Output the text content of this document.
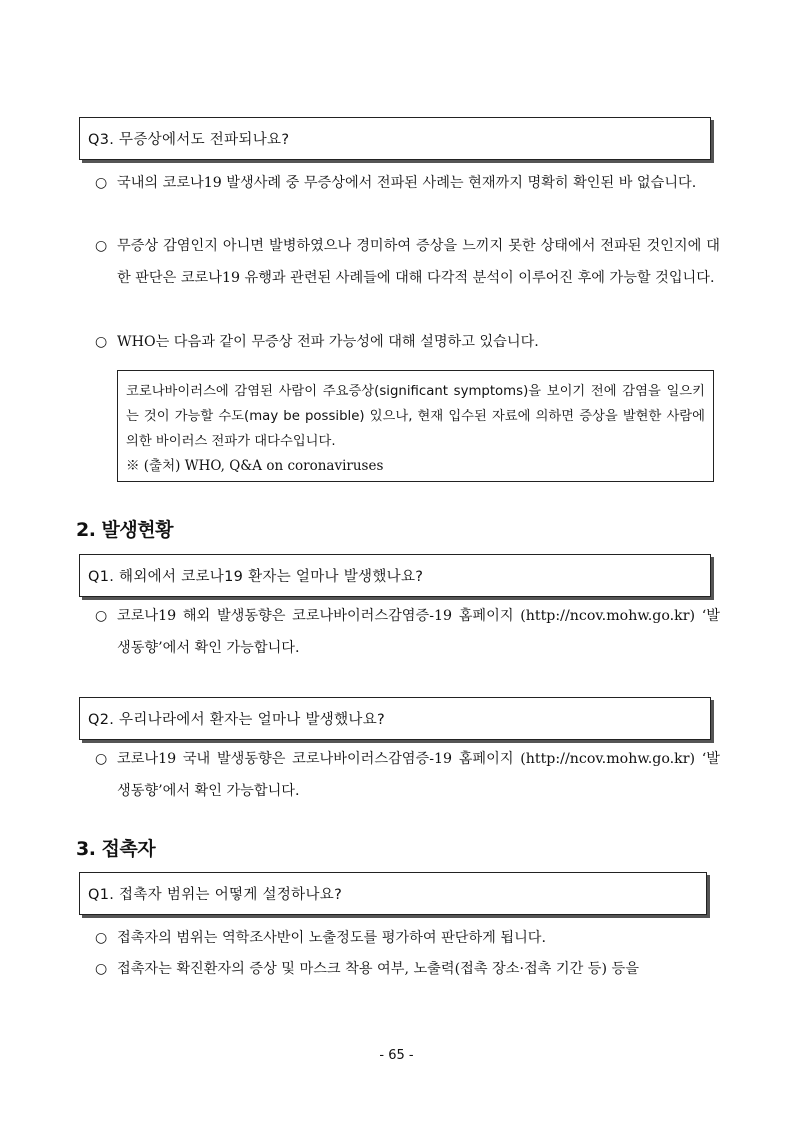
Q3. 무증상에서도 전파되나요?
○ 국내의 코로나19 발생사례 중 무증상에서 전파된 사례는 현재까지 명확히 확인된 바 없습니다.
○ 무증상 감염인지 아니면 발병하였으나 경미하여 증상을 느끼지 못한 상태에서 전파된 것인지에 대한 판단은 코로나19 유행과 관련된 사례들에 대해 다각적 분석이 이루어진 후에 가능할 것입니다.
○ WHO는 다음과 같이 무증상 전파 가능성에 대해 설명하고 있습니다.
코로나바이러스에 감염된 사람이 주요증상(significant symptoms)을 보이기 전에 감염을 일으키는 것이 가능할 수도(may be possible) 있으나, 현재 입수된 자료에 의하면 증상을 발현한 사람에 의한 바이러스 전파가 대다수입니다.
※ (출처) WHO, Q&A on coronaviruses
2. 발생현황
Q1. 해외에서 코로나19 환자는 얼마나 발생했나요?
○ 코로나19 해외 발생동향은 코로나바이러스감염증-19 홈페이지 (http://ncov.mohw.go.kr) ‘발생동향’에서 확인 가능합니다.
Q2. 우리나라에서 환자는 얼마나 발생했나요?
○ 코로나19 국내 발생동향은 코로나바이러스감염증-19 홈페이지 (http://ncov.mohw.go.kr) ‘발생동향’에서 확인 가능합니다.
3. 접촉자
Q1. 접촉자 범위는 어떻게 설정하나요?
○ 접촉자의 범위는 역학조사반이 노출정도를 평가하여 판단하게 됩니다.
○ 접촉자는 확진환자의 증상 및 마스크 착용 여부, 노출력(접촉 장소·접촉 기간 등) 등을
- 65 -
